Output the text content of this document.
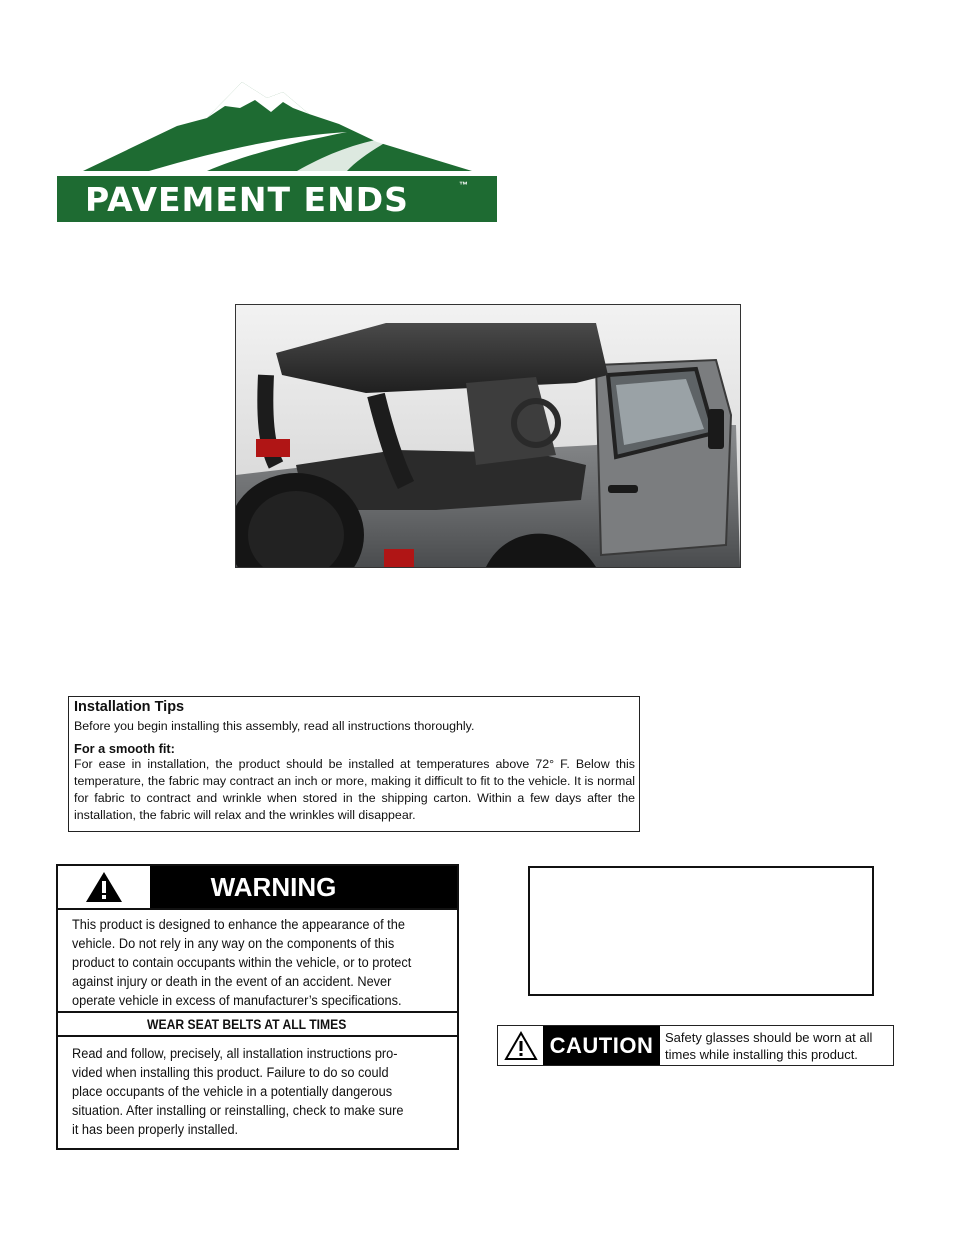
PAVEMENT ENDS	™

Installation Tips

Before you begin installing this assembly, read all instructions thoroughly.

For a smooth fit:

For ease in installation, the product should be installed at temperatures above 72° F. Below this temperature, the fabric may contract an inch or more, making it difficult to fit to the vehicle. It is normal for fabric to contract and wrinkle when stored in the shipping carton. Within a few days after the installation, the fabric will relax and the wrinkles will disappear.

WARNING
This product is designed to enhance the appearance of the
vehicle. Do not rely in any way on the components of this
product to contain occupants within the vehicle, or to protect
against injury or death in the event of an accident. Never
operate vehicle in excess of manufacturer’s specifications.
WEAR SEAT BELTS AT ALL TIMES
Read and follow, precisely, all installation instructions pro-
vided when installing this product. Failure to do so could
place occupants of the vehicle in a potentially dangerous
situation. After installing or reinstalling, check to make sure
it has been properly installed.
CAUTION Safety glasses should be worn at all times while installing this product.
